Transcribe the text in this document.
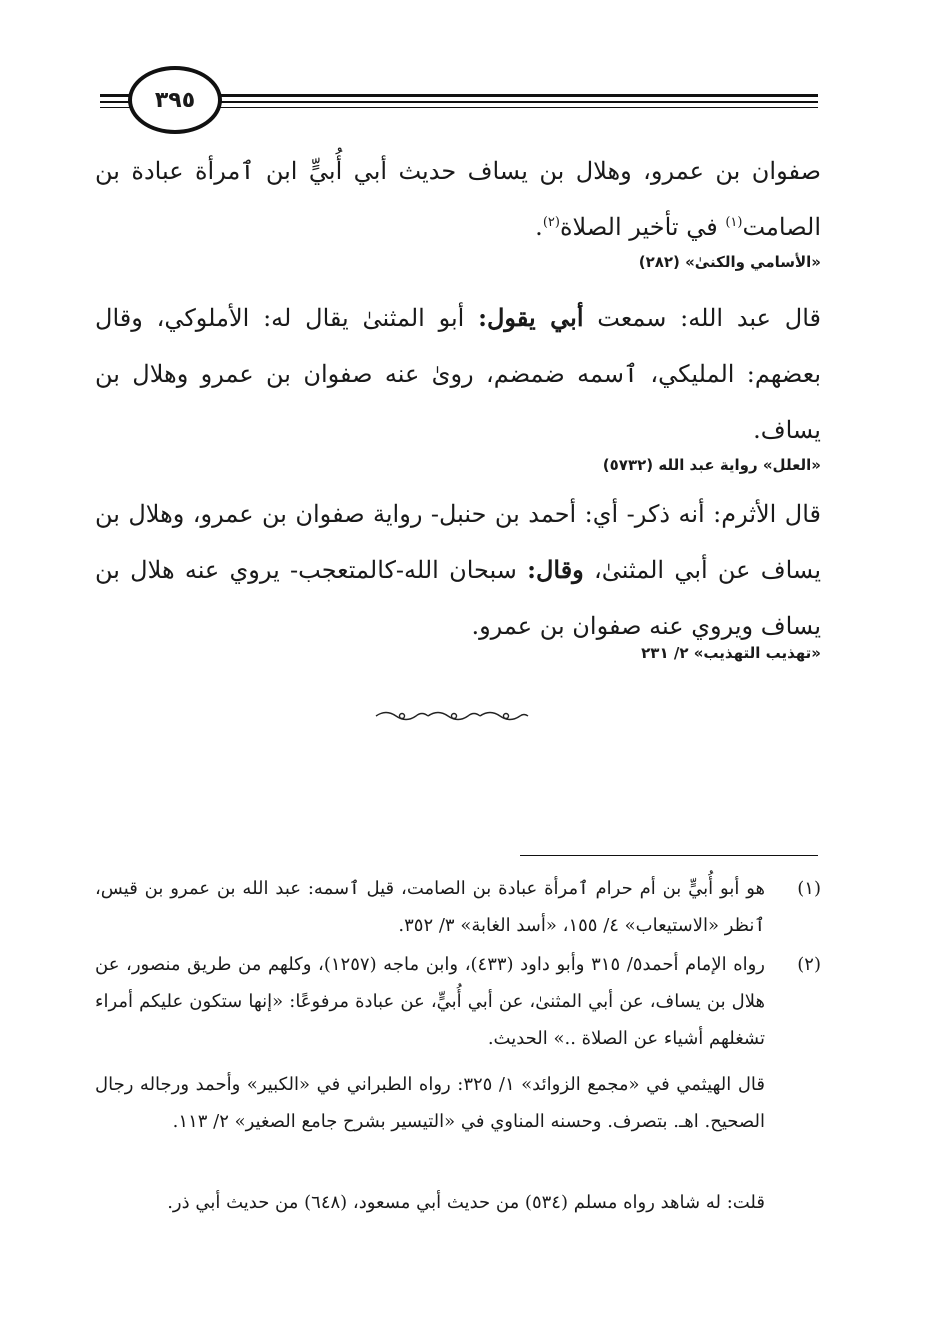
٣٩٥

صفوان بن عمرو، وهلال بن يساف حديث أبي أُبيٍّ ابن ٱمرأة عبادة بن الصامت$^{(١)}$ في تأخير الصلاة$^{(٢)}$.

«الأسامي والكنىٰ» (٢٨٢)

قال عبد الله: سمعت أبي يقول: أبو المثنىٰ يقال له: الأملوكي، وقال بعضهم: المليكي، ٱسمه ضمضم، روىٰ عنه صفوان بن عمرو وهلال بن يساف.

«العلل» رواية عبد الله (٥٧٣٢)

قال الأثرم: أنه ذكر- أي: أحمد بن حنبل- رواية صفوان بن عمرو، وهلال بن يساف عن أبي المثنىٰ، وقال: سبحان الله-كالمتعجب- يروي عنه هلال بن يساف ويروي عنه صفوان بن عمرو.

«تهذيب التهذيب» ٢/ ٢٣١

(١)
هو أبو أُبيٍّ بن أم حرام ٱمرأة عبادة بن الصامت، قيل ٱسمه: عبد الله بن عمرو بن قيس، ٱنظر «الاستيعاب» ٤/ ١٥٥، «أسد الغابة» ٣/ ٣٥٢.
(٢)
رواه الإمام أحمد٥/ ٣١٥ وأبو داود (٤٣٣)، وابن ماجه (١٢٥٧)، وكلهم من طريق منصور، عن هلال بن يساف، عن أبي المثنىٰ، عن أبي أُبيٍّ، عن عبادة مرفوعًا: «إنها ستكون عليكم أمراء تشغلهم أشياء عن الصلاة ..» الحديث.

قال الهيثمي في «مجمع الزوائد» ١/ ٣٢٥: رواه الطبراني في «الكبير» وأحمد ورجاله رجال الصحيح. اهـ. بتصرف. وحسنه المناوي في «التيسير بشرح جامع الصغير» ٢/ ١١٣.

قلت: له شاهد رواه مسلم (٥٣٤) من حديث أبي مسعود، (٦٤٨) من حديث أبي ذر.
